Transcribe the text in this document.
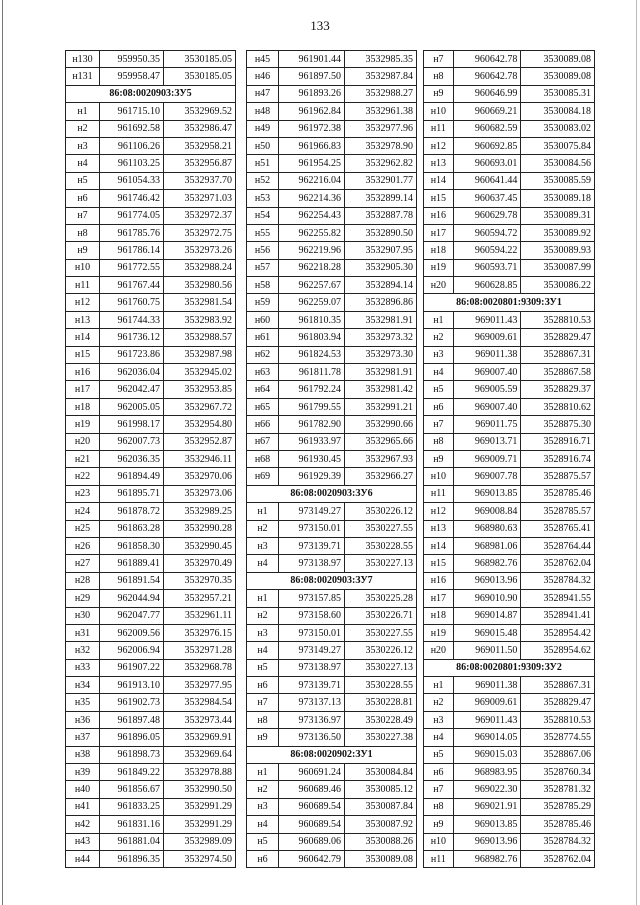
133
н130	959950.35	3530185.05
н131	959958.47	3530185.05
86:08:0020903:ЗУ5		
н1	961715.10	3532969.52
н2	961692.58	3532986.47
н3	961106.26	3532958.21
н4	961103.25	3532956.87
н5	961054.33	3532937.70
н6	961746.42	3532971.03
н7	961774.05	3532972.37
н8	961785.76	3532972.75
н9	961786.14	3532973.26
н10	961772.55	3532988.24
н11	961767.44	3532980.56
н12	961760.75	3532981.54
н13	961744.33	3532983.92
н14	961736.12	3532988.57
н15	961723.86	3532987.98
н16	962036.04	3532945.02
н17	962042.47	3532953.85
н18	962005.05	3532967.72
н19	961998.17	3532954.80
н20	962007.73	3532952.87
н21	962036.35	3532946.11
н22	961894.49	3532970.06
н23	961895.71	3532973.06
н24	961878.72	3532989.25
н25	961863.28	3532990.28
н26	961858.30	3532990.45
н27	961889.41	3532970.49
н28	961891.54	3532970.35
н29	962044.94	3532957.21
н30	962047.77	3532961.11
н31	962009.56	3532976.15
н32	962006.94	3532971.28
н33	961907.22	3532968.78
н34	961913.10	3532977.95
н35	961902.73	3532984.54
н36	961897.48	3532973.44
н37	961896.05	3532969.91
н38	961898.73	3532969.64
н39	961849.22	3532978.88
н40	961856.67	3532990.50
н41	961833.25	3532991.29
н42	961831.16	3532991.29
н43	961881.04	3532989.09
н44	961896.35	3532974.50
н45	961901.44	3532985.35
н46	961897.50	3532987.84
н47	961893.26	3532988.27
н48	961962.84	3532961.38
н49	961972.38	3532977.96
н50	961966.83	3532978.90
н51	961954.25	3532962.82
н52	962216.04	3532901.77
н53	962214.36	3532899.14
н54	962254.43	3532887.78
н55	962255.82	3532890.50
н56	962219.96	3532907.95
н57	962218.28	3532905.30
н58	962257.67	3532894.14
н59	962259.07	3532896.86
н60	961810.35	3532981.91
н61	961803.94	3532973.32
н62	961824.53	3532973.30
н63	961811.78	3532981.91
н64	961792.24	3532981.42
н65	961799.55	3532991.21
н66	961782.90	3532990.66
н67	961933.97	3532965.66
н68	961930.45	3532967.93
н69	961929.39	3532966.27
86:08:0020903:ЗУ6		
н1	973149.27	3530226.12
н2	973150.01	3530227.55
н3	973139.71	3530228.55
н4	973138.97	3530227.13
86:08:0020903:ЗУ7		
н1	973157.85	3530225.28
н2	973158.60	3530226.71
н3	973150.01	3530227.55
н4	973149.27	3530226.12
н5	973138.97	3530227.13
н6	973139.71	3530228.55
н7	973137.13	3530228.81
н8	973136.97	3530228.49
н9	973136.50	3530227.38
86:08:0020902:ЗУ1		
н1	960691.24	3530084.84
н2	960689.46	3530085.12
н3	960689.54	3530087.84
н4	960689.54	3530087.92
н5	960689.06	3530088.26
н6	960642.79	3530089.08
н7	960642.78	3530089.08
н8	960642.78	3530089.08
н9	960646.99	3530085.31
н10	960669.21	3530084.18
н11	960682.59	3530083.02
н12	960692.85	3530075.84
н13	960693.01	3530084.56
н14	960641.44	3530085.59
н15	960637.45	3530089.18
н16	960629.78	3530089.31
н17	960594.72	3530089.92
н18	960594.22	3530089.93
н19	960593.71	3530087.99
н20	960628.85	3530086.22
86:08:0020801:9309:ЗУ1		
н1	969011.43	3528810.53
н2	969009.61	3528829.47
н3	969011.38	3528867.31
н4	969007.40	3528867.58
н5	969005.59	3528829.37
н6	969007.40	3528810.62
н7	969011.75	3528875.30
н8	969013.71	3528916.71
н9	969009.71	3528916.74
н10	969007.78	3528875.57
н11	969013.85	3528785.46
н12	969008.84	3528785.57
н13	968980.63	3528765.41
н14	968981.06	3528764.44
н15	968982.76	3528762.04
н16	969013.96	3528784.32
н17	969010.90	3528941.55
н18	969014.87	3528941.41
н19	969015.48	3528954.42
н20	969011.50	3528954.62
86:08:0020801:9309:ЗУ2		
н1	969011.38	3528867.31
н2	969009.61	3528829.47
н3	969011.43	3528810.53
н4	969014.05	3528774.55
н5	969015.03	3528867.06
н6	968983.95	3528760.34
н7	969022.30	3528781.32
н8	969021.91	3528785.29
н9	969013.85	3528785.46
н10	969013.96	3528784.32
н11	968982.76	3528762.04
